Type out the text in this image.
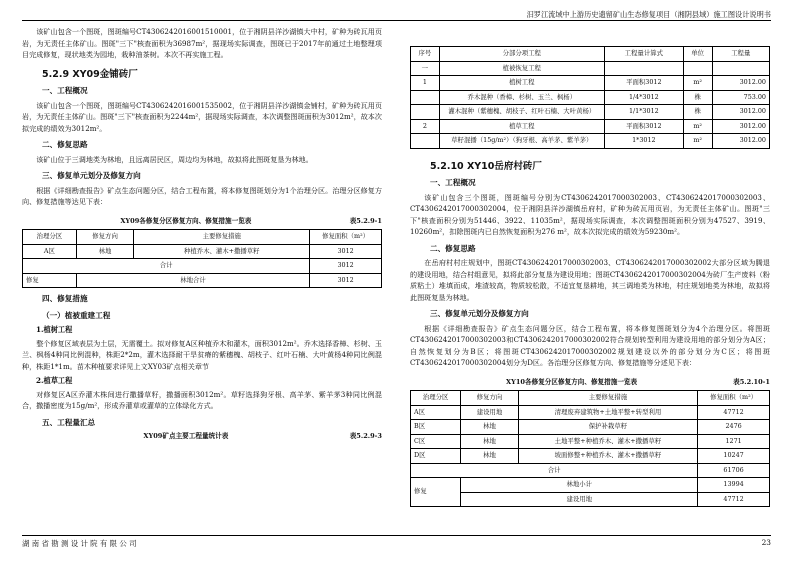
汨罗江流域中上游历史遗留矿山生态修复项目（湘阴县域）施工图设计说明书

该矿山包含一个图斑，图斑编号CT4306242016001510001，位于湘阴县洋沙湖镇大中村，矿种为砖瓦用页岩，为无责任主体矿山。图斑"三下"核查面积为36987m²，据现场实际调查，图斑已于2017年前通过土地整理项目完成修复，现状地类为园地，栽种油茶树。本次不再实施工程。

5.2.9 XY09金铺砖厂
一、工程概况

该矿山包含一个图斑，图斑编号CT4306242016001535002，位于湘阴县洋沙湖镇金铺村，矿种为砖瓦用页岩，为无责任主体矿山。图斑"三下"核查面积为2244m²，据现场实际调查，本次调整图斑面积为3012m²，故本次拟完成的绩效为3012m²。

二、修复思路

该矿山位于三调地类为林地，且远离居民区，周边均为林地，故拟将此图斑复垦为林地。

三、修复单元划分及修复方向

根据《详细勘查报告》矿点生态问题分区，结合工程布置，将本修复图斑划分为1个治理分区。治理分区修复方向、修复措施等达见下表：

XY09各修复分区修复方向、修复措施一览表	表5.2.9-1
治理分区	修复方向	主要修复措施	修复面积（m²）
A区	林地	种植乔木、灌木+撒播草籽	3012
合计			3012
修复	林地合计		3012
四、修复措施
（一）植被重建工程
1.植树工程

整个修复区域表层为土层，无需覆土。拟对修复A区种植乔木和灌木，面积3012m²。乔木选择香樟、杉树、玉兰、枫杨4种同比例混种，株距2*2m，灌木选择耐干旱贫瘠的紫穗槐、胡枝子、红叶石楠、大叶黄杨4种同比例混种，株距1*1m。苗木种植要求详见上文XY03矿点相关章节

2.植草工程

对修复区A区乔灌木株间进行撒播草籽，撒播面积3012m²。草籽选择狗牙根、高羊茅、紫羊茅3种同比例混合，撒播密度为15g/m²，形成乔灌草或灌草的立体绿化方式。

五、工程量汇总
XY09矿点主要工程量统计表	表5.2.9-3
序号	分部分项工程	工程量计算式	单位	工程量
一	植被恢复工程			
1	植树工程	平面积3012	m²	3012.00
	乔木混种（香樟、杉树、玉兰、枫杨）	1/4*3012	株	753.00
	灌木混种（紫穗槐、胡枝子、红叶石楠、大叶黄杨）	1/1*3012	株	3012.00
2	植草工程	平面积3012	m²	3012.00
	草籽混播（15g/m²）（狗牙根、高羊茅、紫羊茅）	1*3012	m²	3012.00
5.2.10 XY10岳府村砖厂
一、工程概况

该矿山包含三个图斑，图斑编号分别为CT4306242017000302003、CT4306242017000302003、CT4306242017000302004，位于湘阴县洋沙湖镇岳府村，矿种为砖瓦用页岩，为无责任主体矿山。图斑"三下"核查面积分别为51446、3922、11035m²，据现场实际调查，本次调整图斑面积分别为47527、3919、10260m²，扣除图斑内已自然恢复面积为276 m²，故本次拟完成的绩效为59230m²。

二、修复思路

在岳府村村庄规划中，图斑CT4306242017000302003、CT4306242017000302002大部分区域为腾退的建设用地，结合村组意见，拟将此部分复垦为建设用地；图斑CT4306242017000302004为砖厂生产废料（粉质粘土）堆填而成，堆渣较高，物质较松散，不适宜复垦耕地，其三调地类为林地，村庄规划地类为林地，故拟将此图斑复垦为林地。

三、修复单元划分及修复方向

根据《详细勘查报告》矿点生态问题分区，结合工程布置，将本修复图斑划分为4个治理分区。将图斑CT4306242017000302003和CT4306242017000302002符合规划转型利用为建设用地的部分划分为A区；自然恢复划分为B区；将图斑CT4306242017000302002规划建设以外的部分划分为C区；将图斑CT4306242017000302004划分为D区。各治理分区修复方向、修复措施等分述见下表：

XY10各修复分区修复方向、修复措施一览表	表5.2.10-1
治理分区	修复方向	主要修复措施	修复面积（m²）
A区	建设用地	清理废弃建筑物+土地平整+转型利用	47712
B区	林地	保护补栽草籽	2476
C区	林地	土地平整+种植乔木、灌木+撒播草籽	1271
D区	林地	坡面修整+种植乔木、灌木+撒播草籽	10247
合计			61706
修复	林地小计		13994
	建设用地		47712
湖 南 省 勘 测 设 计 院 有 限 公 司	23
